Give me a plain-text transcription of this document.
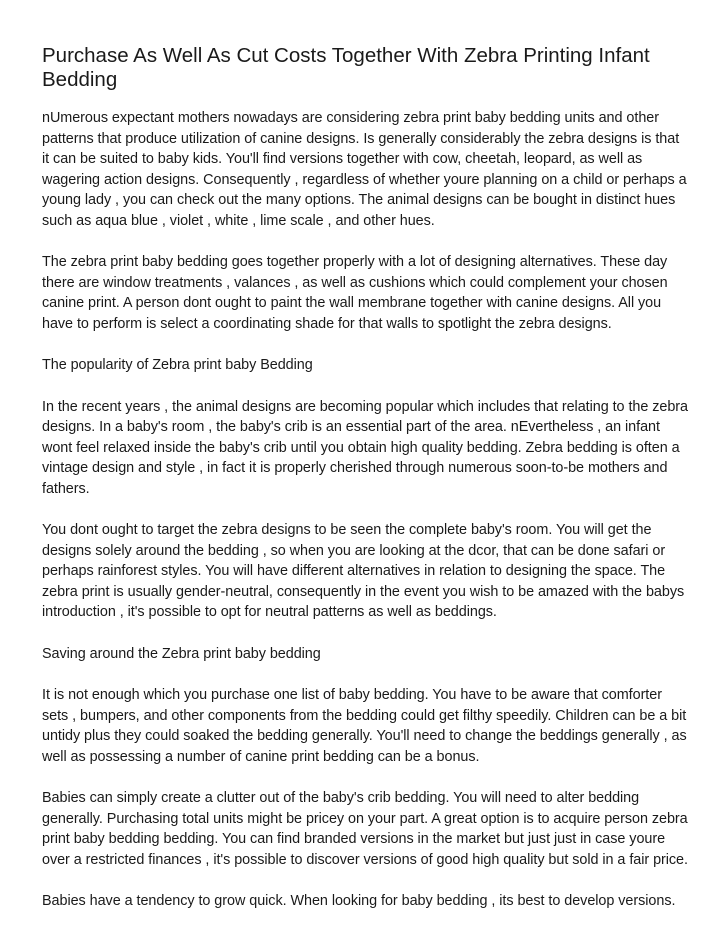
Purchase As Well As Cut Costs Together With Zebra Printing Infant Bedding

nUmerous expectant mothers nowadays are considering zebra print baby bedding units and other patterns that produce utilization of canine designs. Is generally considerably the zebra designs is that it can be suited to baby kids. You'll find versions together with cow, cheetah, leopard, as well as wagering action designs. Consequently , regardless of whether youre planning on a child or perhaps a young lady , you can check out the many options. The animal designs can be bought in distinct hues such as aqua blue , violet , white , lime scale , and other hues.

The zebra print baby bedding goes together properly with a lot of designing alternatives. These day there are window treatments , valances , as well as cushions which could complement your chosen canine print. A person dont ought to paint the wall membrane together with canine designs. All you have to perform is select a coordinating shade for that walls to spotlight the zebra designs.

The popularity of Zebra print baby Bedding

In the recent years , the animal designs are becoming popular which includes that relating to the zebra designs. In a baby's room , the baby's crib is an essential part of the area. nEvertheless , an infant wont feel relaxed inside the baby's crib until you obtain high quality bedding. Zebra bedding is often a vintage design and style , in fact it is properly cherished through numerous soon-to-be mothers and fathers.

You dont ought to target the zebra designs to be seen the complete baby's room. You will get the designs solely around the bedding , so when you are looking at the dcor, that can be done safari or perhaps rainforest styles. You will have different alternatives in relation to designing the space. The zebra print is usually gender-neutral, consequently in the event you wish to be amazed with the babys introduction , it's possible to opt for neutral patterns as well as beddings.

Saving around the Zebra print baby bedding

It is not enough which you purchase one list of baby bedding. You have to be aware that comforter sets , bumpers, and other components from the bedding could get filthy speedily. Children can be a bit untidy plus they could soaked the bedding generally. You'll need to change the beddings generally , as well as possessing a number of canine print bedding can be a bonus.

Babies can simply create a clutter out of the baby's crib bedding. You will need to alter bedding generally. Purchasing total units might be pricey on your part. A great option is to acquire person zebra print baby bedding bedding. You can find branded versions in the market but just just in case youre over a restricted finances , it's possible to discover versions of good high quality but sold in a fair price.

Babies have a tendency to grow quick. When looking for baby bedding , its best to develop versions.
